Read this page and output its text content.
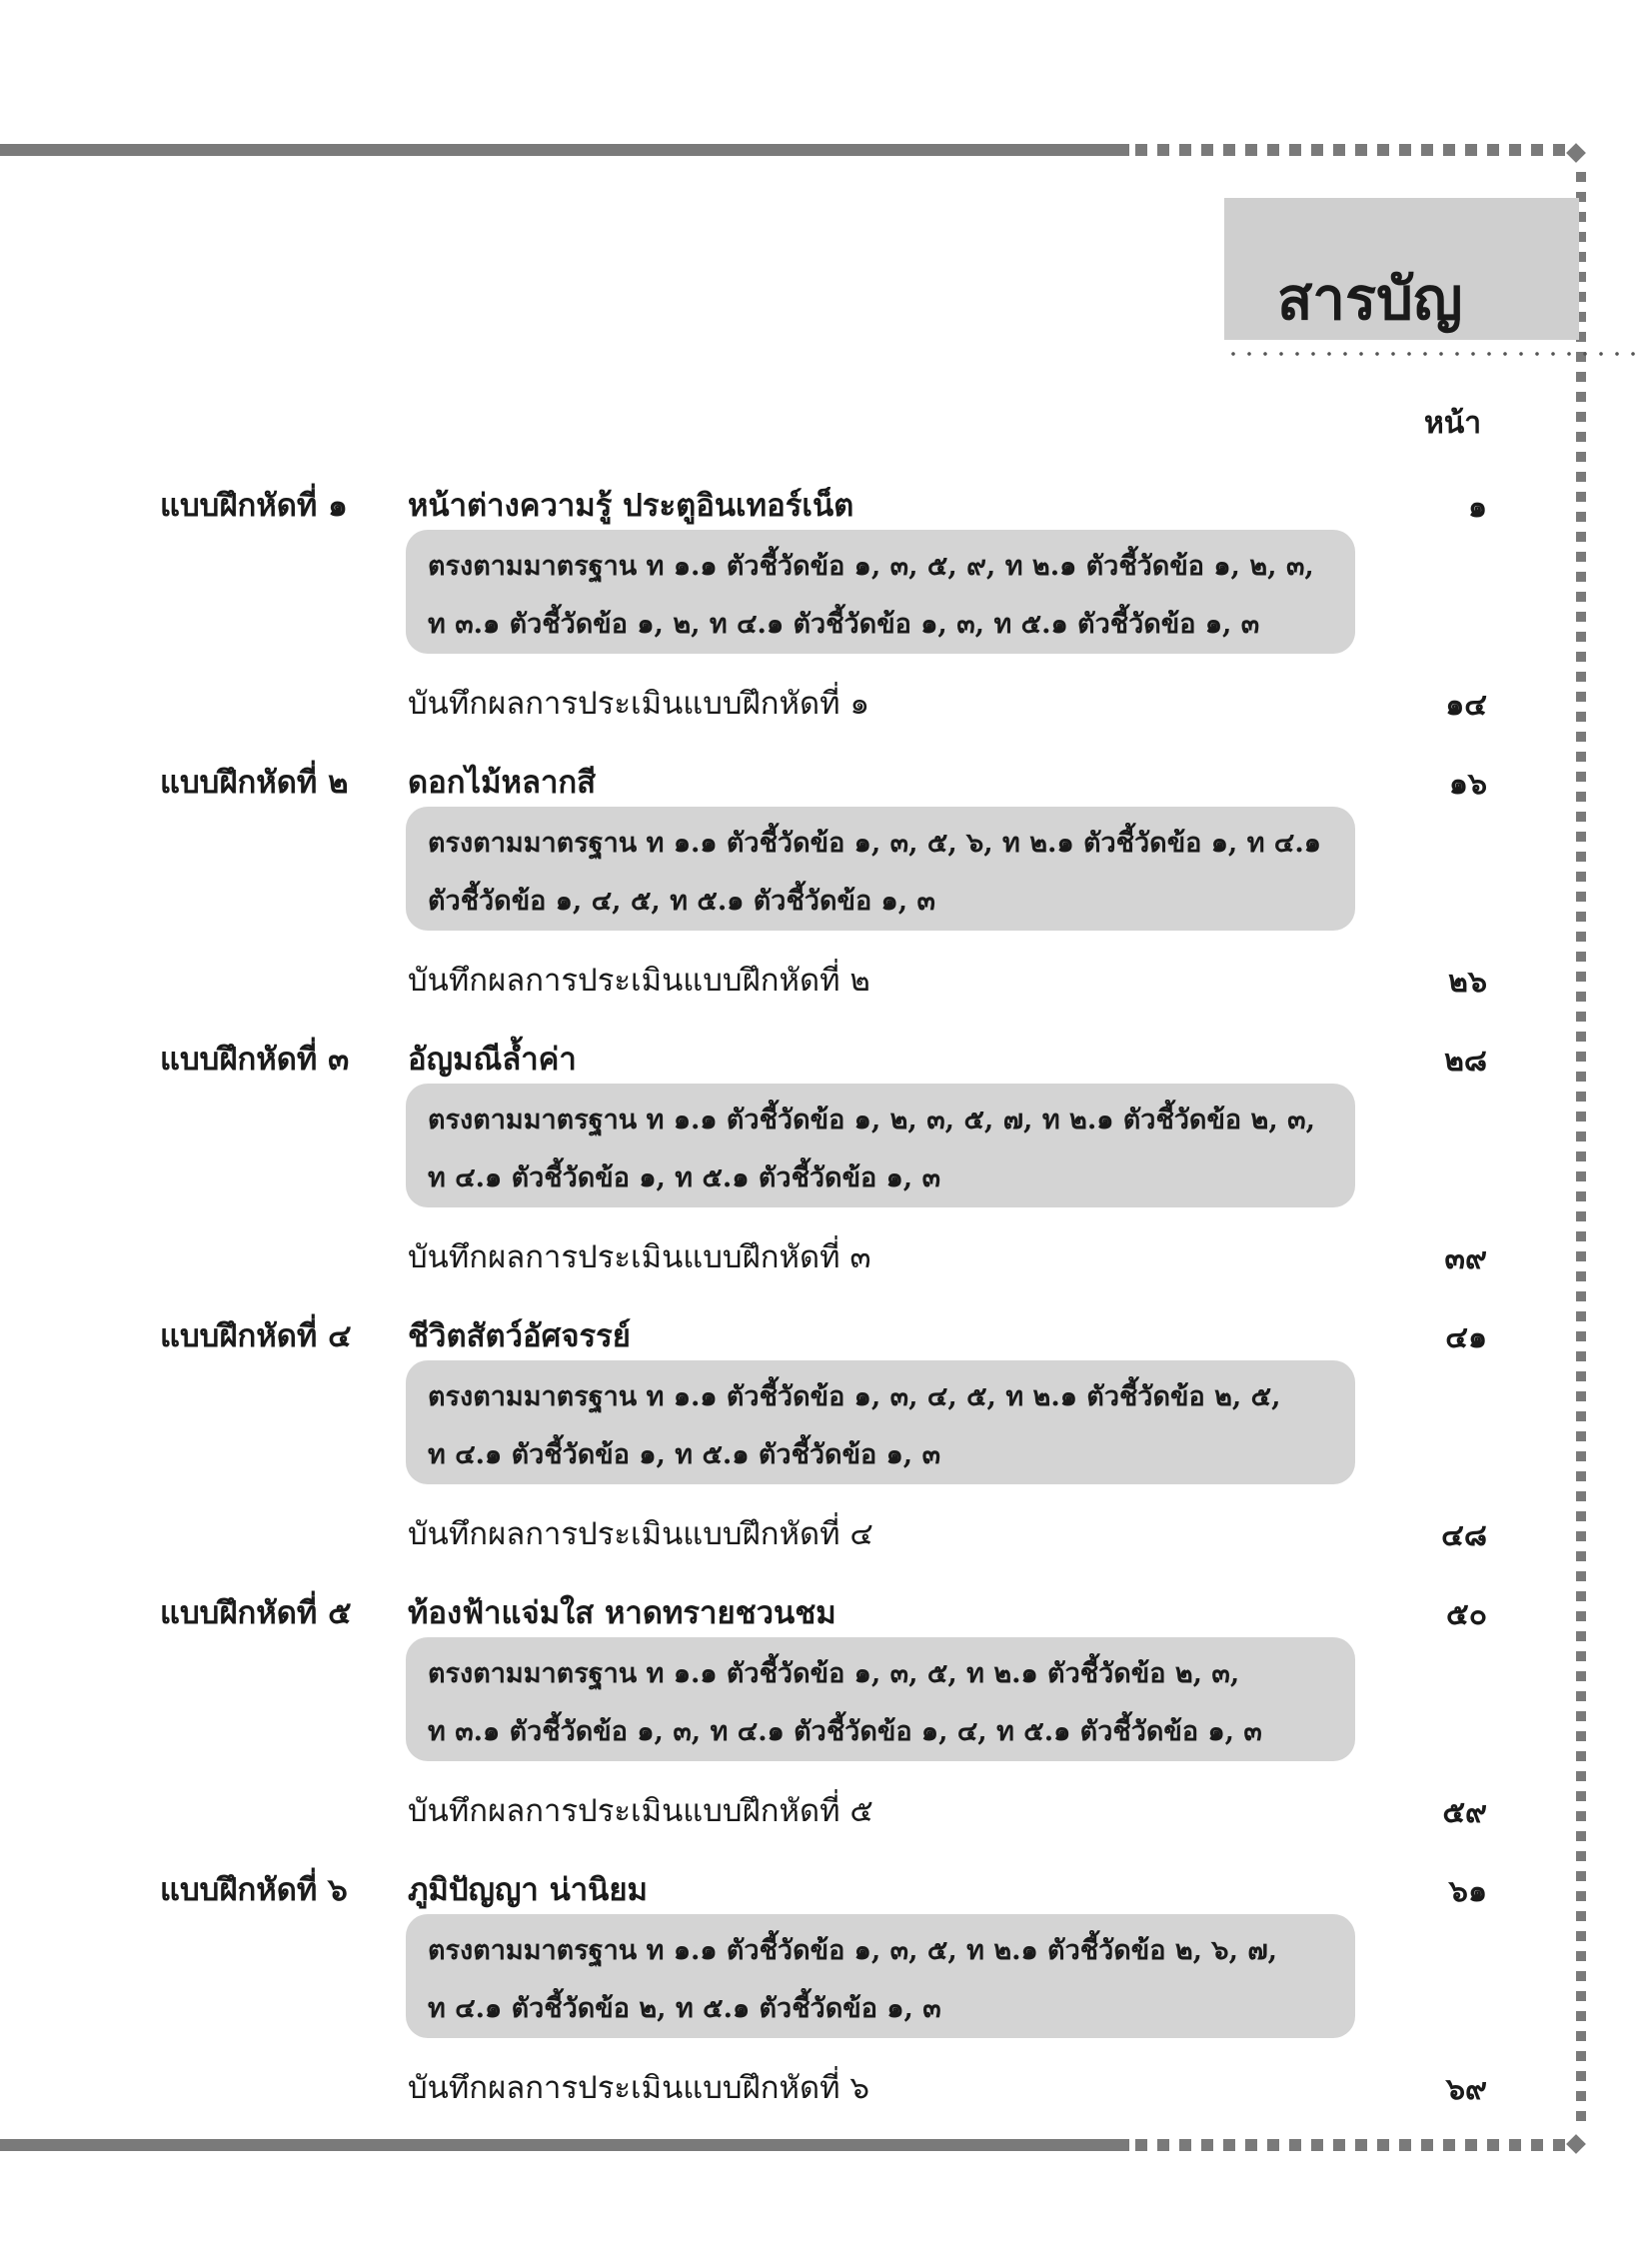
สารบัญ
หน้า
แบบฝึกหัดที่ ๑ หน้าต่างความรู้ ประตูอินเทอร์เน็ต	๑
ตรงตามมาตรฐาน ท ๑.๑ ตัวชี้วัดข้อ ๑, ๓, ๕, ๙, ท ๒.๑ ตัวชี้วัดข้อ ๑, ๒, ๓,
ท ๓.๑ ตัวชี้วัดข้อ ๑, ๒, ท ๔.๑ ตัวชี้วัดข้อ ๑, ๓, ท ๕.๑ ตัวชี้วัดข้อ ๑, ๓
บันทึกผลการประเมินแบบฝึกหัดที่ ๑	๑๔
แบบฝึกหัดที่ ๒ ดอกไม้หลากสี	๑๖
ตรงตามมาตรฐาน ท ๑.๑ ตัวชี้วัดข้อ ๑, ๓, ๕, ๖, ท ๒.๑ ตัวชี้วัดข้อ ๑, ท ๔.๑
ตัวชี้วัดข้อ ๑, ๔, ๕, ท ๕.๑ ตัวชี้วัดข้อ ๑, ๓
บันทึกผลการประเมินแบบฝึกหัดที่ ๒	๒๖
แบบฝึกหัดที่ ๓ อัญมณีล้ำค่า	๒๘
ตรงตามมาตรฐาน ท ๑.๑ ตัวชี้วัดข้อ ๑, ๒, ๓, ๕, ๗, ท ๒.๑ ตัวชี้วัดข้อ ๒, ๓,
ท ๔.๑ ตัวชี้วัดข้อ ๑, ท ๕.๑ ตัวชี้วัดข้อ ๑, ๓
บันทึกผลการประเมินแบบฝึกหัดที่ ๓	๓๙
แบบฝึกหัดที่ ๔ ชีวิตสัตว์อัศจรรย์	๔๑
ตรงตามมาตรฐาน ท ๑.๑ ตัวชี้วัดข้อ ๑, ๓, ๔, ๕, ท ๒.๑ ตัวชี้วัดข้อ ๒, ๕,
ท ๔.๑ ตัวชี้วัดข้อ ๑, ท ๕.๑ ตัวชี้วัดข้อ ๑, ๓
บันทึกผลการประเมินแบบฝึกหัดที่ ๔	๔๘
แบบฝึกหัดที่ ๕ ท้องฟ้าแจ่มใส หาดทรายชวนชม	๕๐
ตรงตามมาตรฐาน ท ๑.๑ ตัวชี้วัดข้อ ๑, ๓, ๕, ท ๒.๑ ตัวชี้วัดข้อ ๒, ๓,
ท ๓.๑ ตัวชี้วัดข้อ ๑, ๓, ท ๔.๑ ตัวชี้วัดข้อ ๑, ๔, ท ๕.๑ ตัวชี้วัดข้อ ๑, ๓
บันทึกผลการประเมินแบบฝึกหัดที่ ๕	๕๙
แบบฝึกหัดที่ ๖ ภูมิปัญญา น่านิยม	๖๑
ตรงตามมาตรฐาน ท ๑.๑ ตัวชี้วัดข้อ ๑, ๓, ๕, ท ๒.๑ ตัวชี้วัดข้อ ๒, ๖, ๗,
ท ๔.๑ ตัวชี้วัดข้อ ๒, ท ๕.๑ ตัวชี้วัดข้อ ๑, ๓
บันทึกผลการประเมินแบบฝึกหัดที่ ๖	๖๙
